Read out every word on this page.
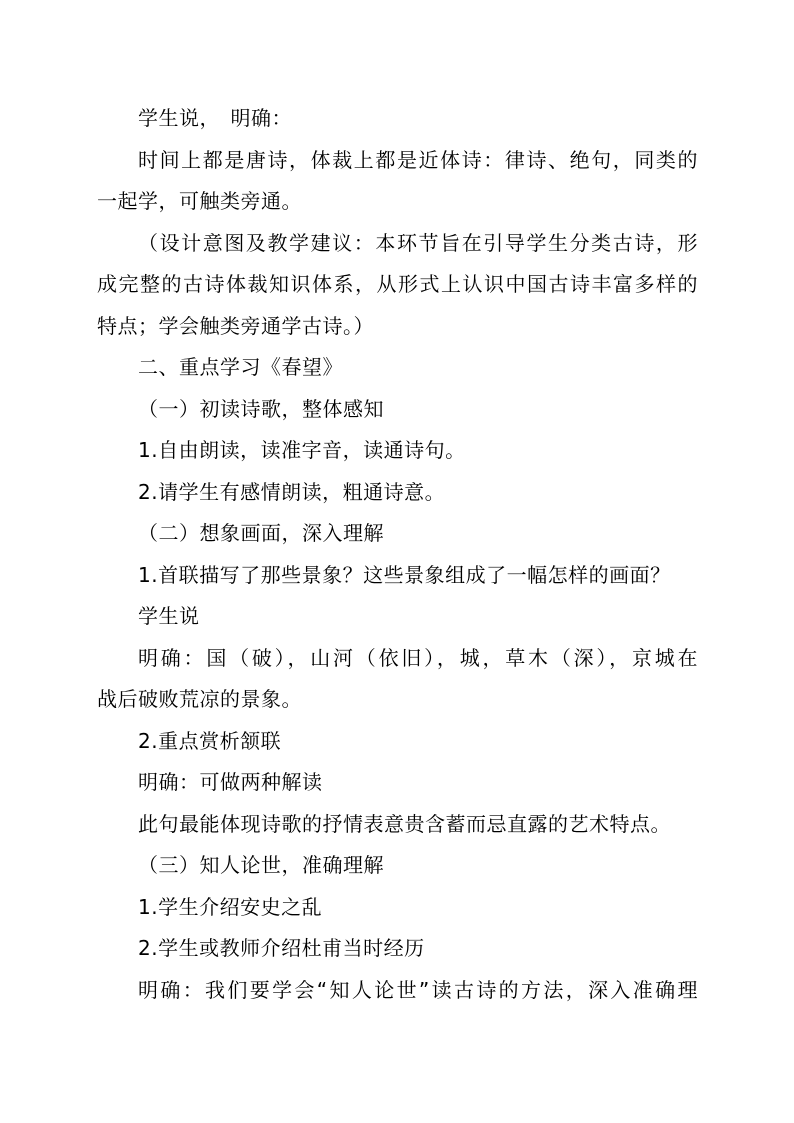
学生说，　明确：
时间上都是唐诗，体裁上都是近体诗：律诗、绝句，同类的
一起学，可触类旁通。
（设计意图及教学建议：本环节旨在引导学生分类古诗，形
成完整的古诗体裁知识体系，从形式上认识中国古诗丰富多样的
特点；学会触类旁通学古诗。）
二、重点学习《春望》
（一）初读诗歌，整体感知
1.自由朗读，读准字音，读通诗句。
2.请学生有感情朗读，粗通诗意。
（二）想象画面，深入理解
1.首联描写了那些景象？这些景象组成了一幅怎样的画面？
学生说
明确：国（破），山河（依旧），城，草木（深），京城在
战后破败荒凉的景象。
2.重点赏析颔联
明确：可做两种解读
此句最能体现诗歌的抒情表意贵含蓄而忌直露的艺术特点。
（三）知人论世，准确理解
1.学生介绍安史之乱
2.学生或教师介绍杜甫当时经历
明确：我们要学会“知人论世”读古诗的方法，深入准确理
